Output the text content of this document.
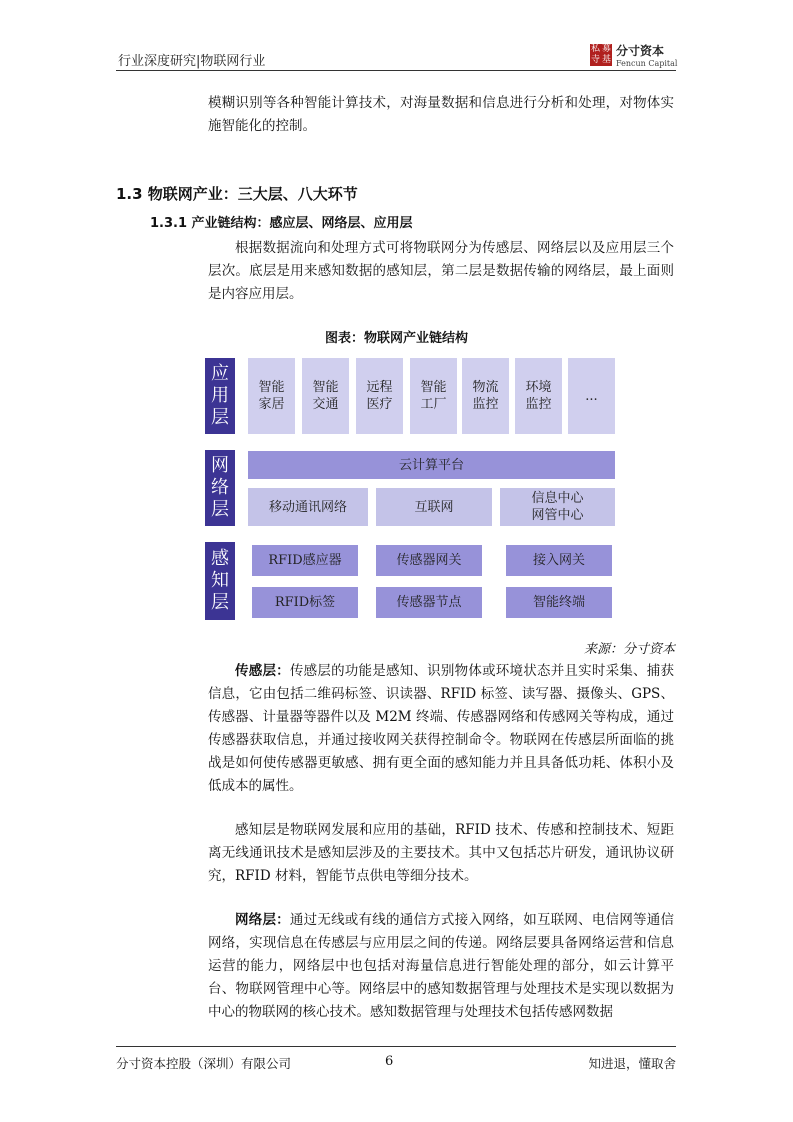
行业深度研究|物联网行业
私 募
寺 基
分寸资本
Fencun Capital
模糊识别等各种智能计算技术，对海量数据和信息进行分析和处理，对物体实施智能化的控制。
1.3 物联网产业：三大层、八大环节
1.3.1 产业链结构：感应层、网络层、应用层
根据数据流向和处理方式可将物联网分为传感层、网络层以及应用层三个层次。底层是用来感知数据的感知层，第二层是数据传输的网络层，最上面则是内容应用层。
图表：物联网产业链结构
应
用
层
智能
家居
智能
交通
远程
医疗
智能
工厂
物流
监控
环境
监控
...
网
络
层
云计算平台
移动通讯网络	互联网
信息中心
网管中心
感
知
层
RFID感应器	传感器网关	接入网关
RFID标签	传感器节点	智能终端
来源：分寸资本
传感层：传感层的功能是感知、识别物体或环境状态并且实时采集、捕获信息，它由包括二维码标签、识读器、RFID 标签、读写器、摄像头、GPS、传感器、计量器等器件以及 M2M 终端、传感器网络和传感网关等构成，通过传感器获取信息，并通过接收网关获得控制命令。物联网在传感层所面临的挑战是如何使传感器更敏感、拥有更全面的感知能力并且具备低功耗、体积小及低成本的属性。
感知层是物联网发展和应用的基础，RFID 技术、传感和控制技术、短距离无线通讯技术是感知层涉及的主要技术。其中又包括芯片研发，通讯协议研究，RFID 材料，智能节点供电等细分技术。
网络层：通过无线或有线的通信方式接入网络，如互联网、电信网等通信网络，实现信息在传感层与应用层之间的传递。网络层要具备网络运营和信息运营的能力，网络层中也包括对海量信息进行智能处理的部分，如云计算平台、物联网管理中心等。网络层中的感知数据管理与处理技术是实现以数据为中心的物联网的核心技术。感知数据管理与处理技术包括传感网数据
分寸资本控股（深圳）有限公司	6	知进退，懂取舍
